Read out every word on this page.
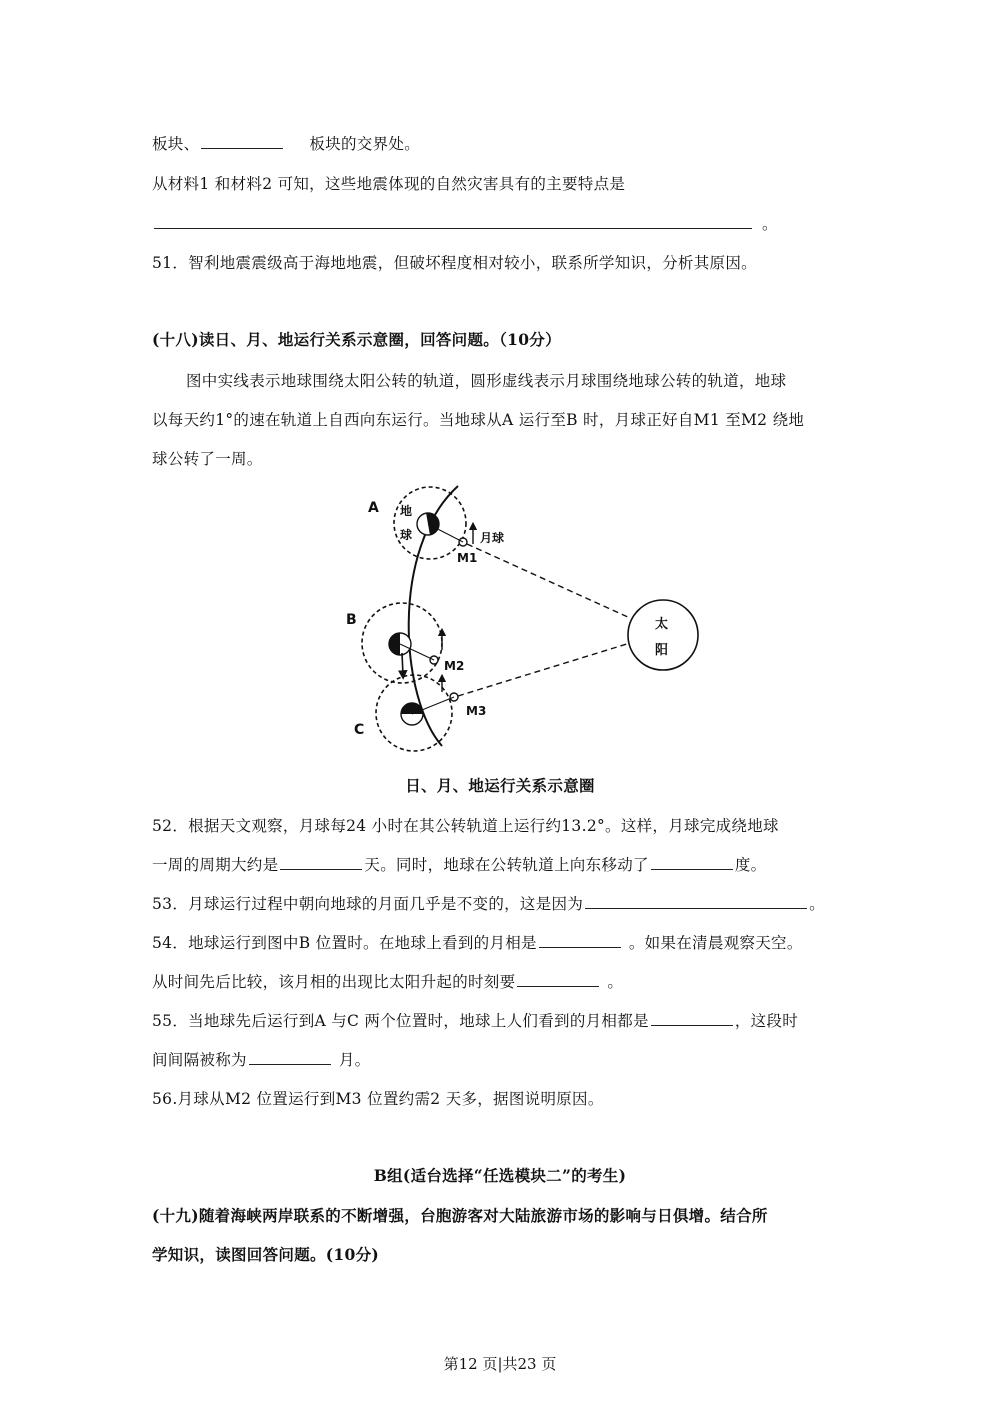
板块、	板块的交界处。
从材料1 和材料2 可知，这些地震体现的自然灾害具有的主要特点是
。
51．智利地震震级高于海地地震，但破坏程度相对较小，联系所学知识，分析其原因。
(十八)读日、月、地运行关系示意圈，回答问题。（10分）
图中实线表示地球围绕太阳公转的轨道，圆形虚线表示月球围绕地球公转的轨道，地球
以每天约1°的速在轨道上自西向东运行。当地球从A 运行至B 时，月球正好自M1 至M2 绕地
球公转了一周。
A
B
C
地
球	月球
M1
M2
M3
太
阳
日、月、地运行关系示意圈
52．根据天文观察，月球每24 小时在其公转轨道上运行约13.2°。这样，月球完成绕地球
一周的周期大约是	天。同时，地球在公转轨道上向东移动了	度。
53．月球运行过程中朝向地球的月面几乎是不变的，这是因为	。
54．地球运行到图中B 位置时。在地球上看到的月相是	。如果在清晨观察天空。
从时间先后比较，该月相的出现比太阳升起的时刻要	。
55．当地球先后运行到A 与C 两个位置时，地球上人们看到的月相都是	，这段时
间间隔被称为	月。
56.月球从M2 位置运行到M3 位置约需2 天多，据图说明原因。
B组(适台选择“任选模块二”的考生)
(十九)随着海峡两岸联系的不断增强，台胞游客对大陆旅游市场的影响与日俱增。结合所
学知识，读图回答问题。(10分)
第12 页|共23 页
